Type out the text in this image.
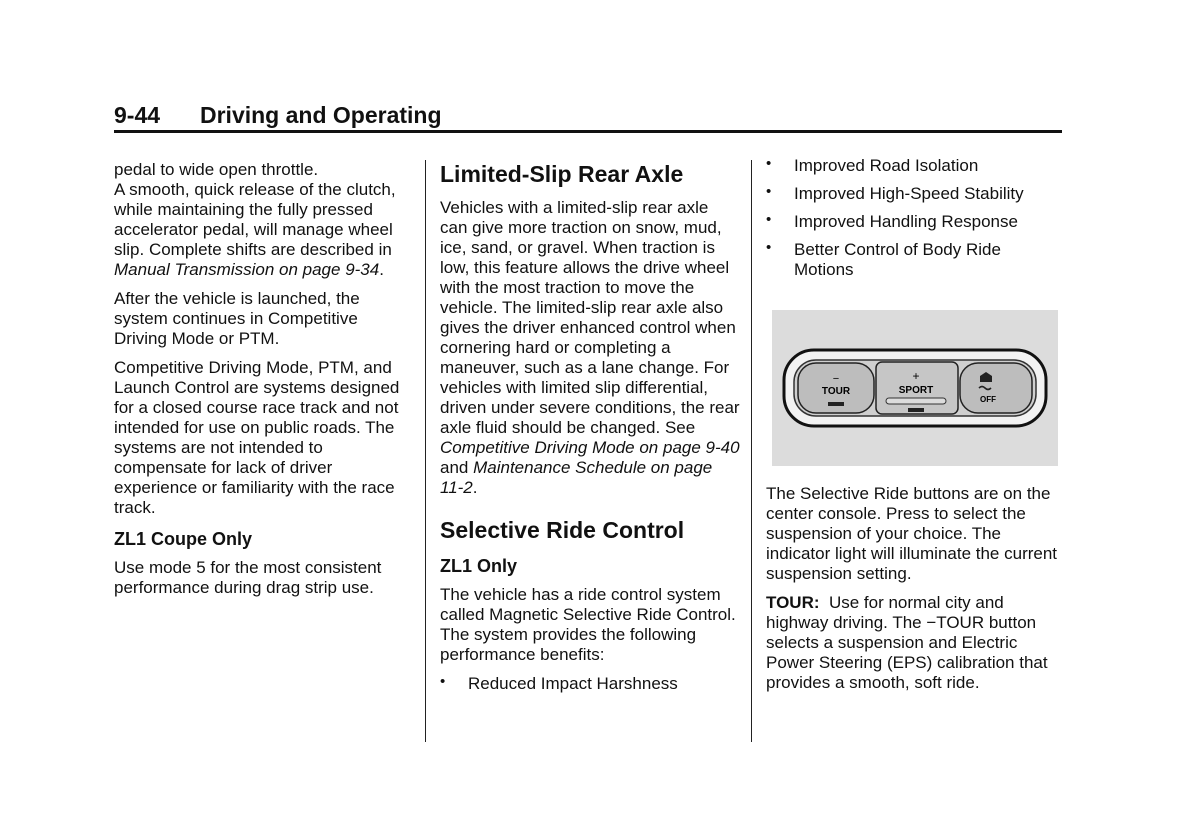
9-44 Driving and Operating

pedal to wide open throttle.

A smooth, quick release of the clutch, while maintaining the fully pressed accelerator pedal, will manage wheel slip. Complete shifts are described in Manual Transmission on page 9-34.

After the vehicle is launched, the system continues in Competitive Driving Mode or PTM.

Competitive Driving Mode, PTM, and Launch Control are systems designed for a closed course race track and not intended for use on public roads. The systems are not intended to compensate for lack of driver experience or familiarity with the race track.

ZL1 Coupe Only

Use mode 5 for the most consistent performance during drag strip use.

Limited-Slip Rear Axle

Vehicles with a limited-slip rear axle can give more traction on snow, mud, ice, sand, or gravel. When traction is low, this feature allows the drive wheel with the most traction to move the vehicle. The limited-slip rear axle also gives the driver enhanced control when cornering hard or completing a maneuver, such as a lane change. For vehicles with limited slip differential, driven under severe conditions, the rear axle fluid should be changed. See Competitive Driving Mode on page 9-40 and Maintenance Schedule on page 11-2.

Selective Ride Control
ZL1 Only

The vehicle has a ride control system called Magnetic Selective Ride Control. The system provides the following performance benefits:

• Reduced Impact Harshness
• Improved Road Isolation
• Improved High-Speed Stability
• Improved Handling Response
• Better Control of Body Ride Motions
−
TOUR
+
SPORT
OFF

The Selective Ride buttons are on the center console. Press to select the suspension of your choice. The indicator light will illuminate the current suspension setting.

TOUR:  Use for normal city and highway driving. The −TOUR button selects a suspension and Electric Power Steering (EPS) calibration that provides a smooth, soft ride.
